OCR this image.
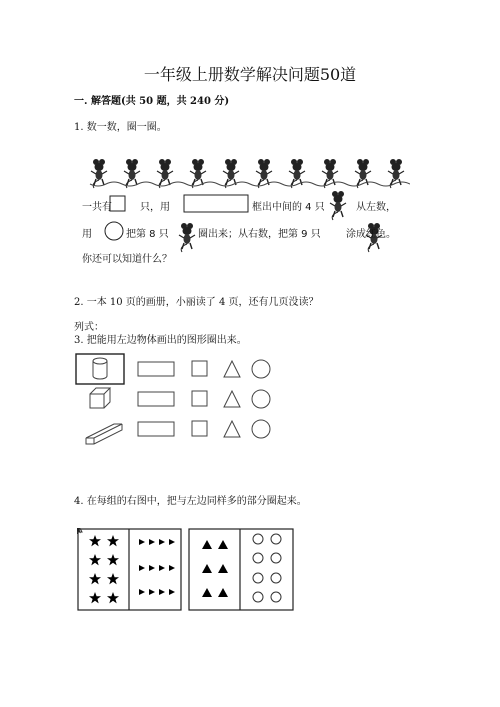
一年级上册数学解决问题50道
一. 解答题(共 50 题，共 240 分)
1. 数一数，圈一圈。
一共有	只，用	框出中间的 4 只	从左数，
用	把第 8 只	圈出来；从右数，把第 9 只	涂成红色。
你还可以知道什么？
2. 一本 10 页的画册，小丽读了 4 页，还有几页没读？
列式：
3. 把能用左边物体画出的图形圈出来。
4. 在每组的右图中，把与左边同样多的部分圈起来。
